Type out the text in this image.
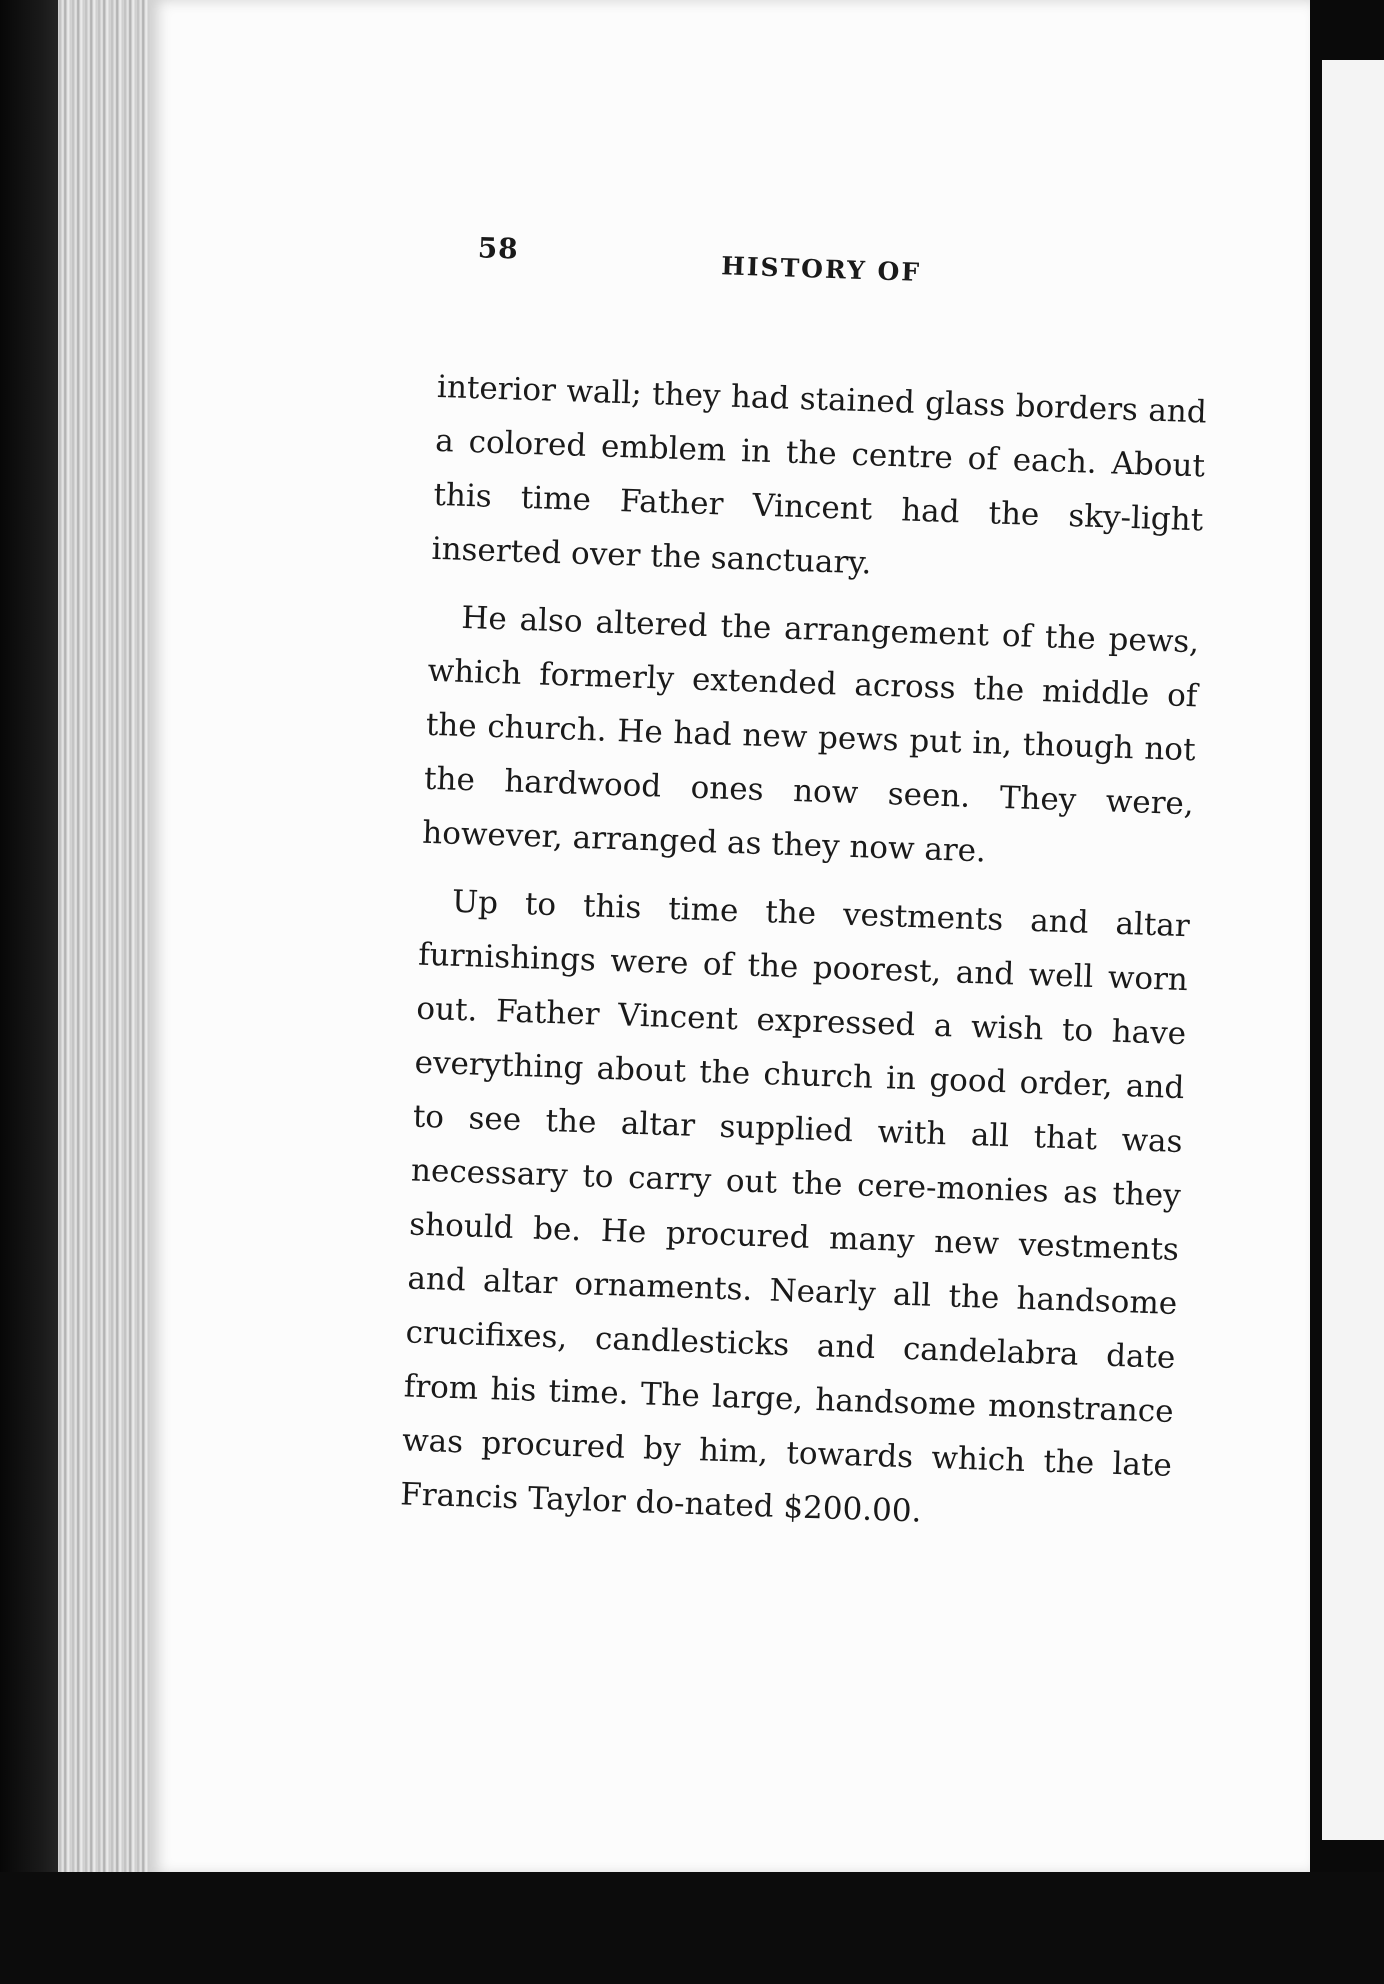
58
HISTORY OF

interior wall; they had stained glass borders and a colored emblem in the centre of each. About this time Father Vincent had the sky-light inserted over the sanctuary.

He also altered the arrangement of the pews, which formerly extended across the middle of the church. He had new pews put in, though not the hardwood ones now seen. They were, however, arranged as they now are.

Up to this time the vestments and altar furnishings were of the poorest, and well worn out. Father Vincent expressed a wish to have everything about the church in good order, and to see the altar supplied with all that was necessary to carry out the cere-monies as they should be. He procured many new vestments and altar ornaments. Nearly all the handsome crucifixes, candlesticks and candelabra date from his time. The large, handsome monstrance was procured by him, towards which the late Francis Taylor do-nated $200.00.
